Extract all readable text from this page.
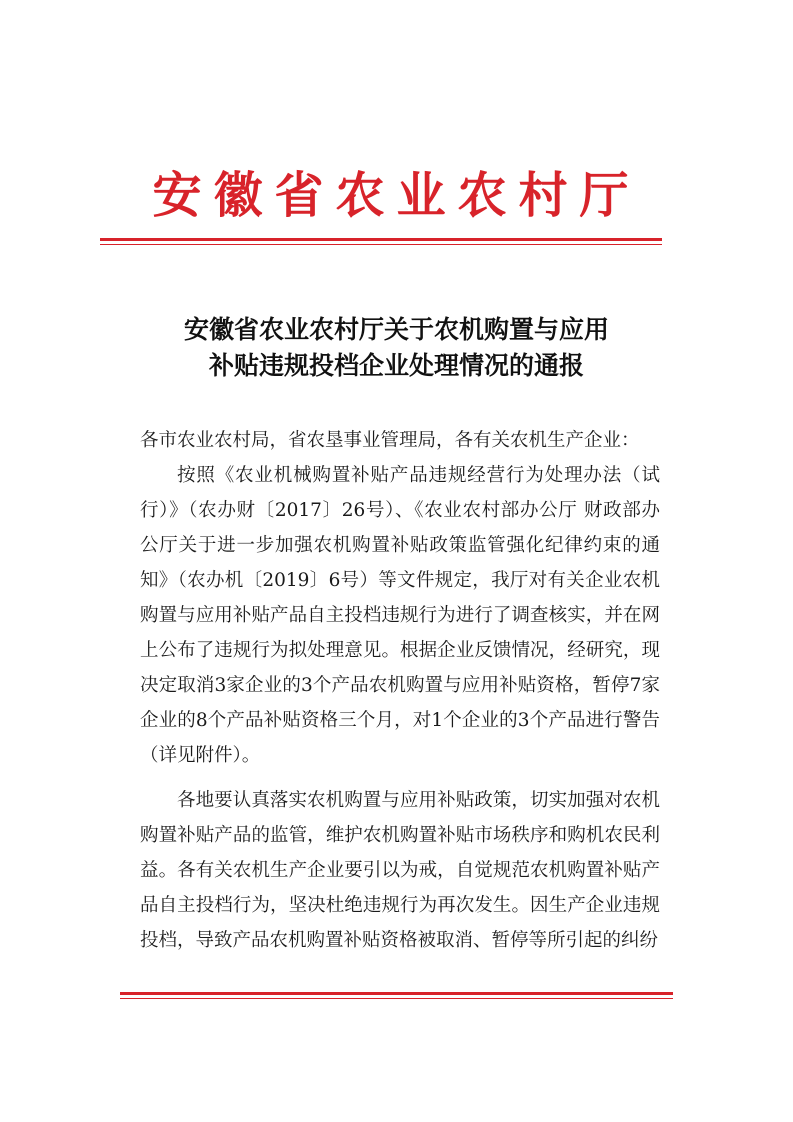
安徽省农业农村厅
安徽省农业农村厅关于农机购置与应用
补贴违规投档企业处理情况的通报

各市农业农村局，省农垦事业管理局，各有关农机生产企业：

按照《农业机械购置补贴产品违规经营行为处理办法（试行）》（农办财〔2017〕26号）、《农业农村部办公厅 财政部办公厅关于进一步加强农机购置补贴政策监管强化纪律约束的通知》（农办机〔2019〕6号）等文件规定，我厅对有关企业农机购置与应用补贴产品自主投档违规行为进行了调查核实，并在网上公布了违规行为拟处理意见。根据企业反馈情况，经研究，现决定取消3家企业的3个产品农机购置与应用补贴资格，暂停7家企业的8个产品补贴资格三个月，对1个企业的3个产品进行警告（详见附件）。

各地要认真落实农机购置与应用补贴政策，切实加强对农机购置补贴产品的监管，维护农机购置补贴市场秩序和购机农民利益。各有关农机生产企业要引以为戒，自觉规范农机购置补贴产品自主投档行为，坚决杜绝违规行为再次发生。因生产企业违规投档，导致产品农机购置补贴资格被取消、暂停等所引起的纠纷
